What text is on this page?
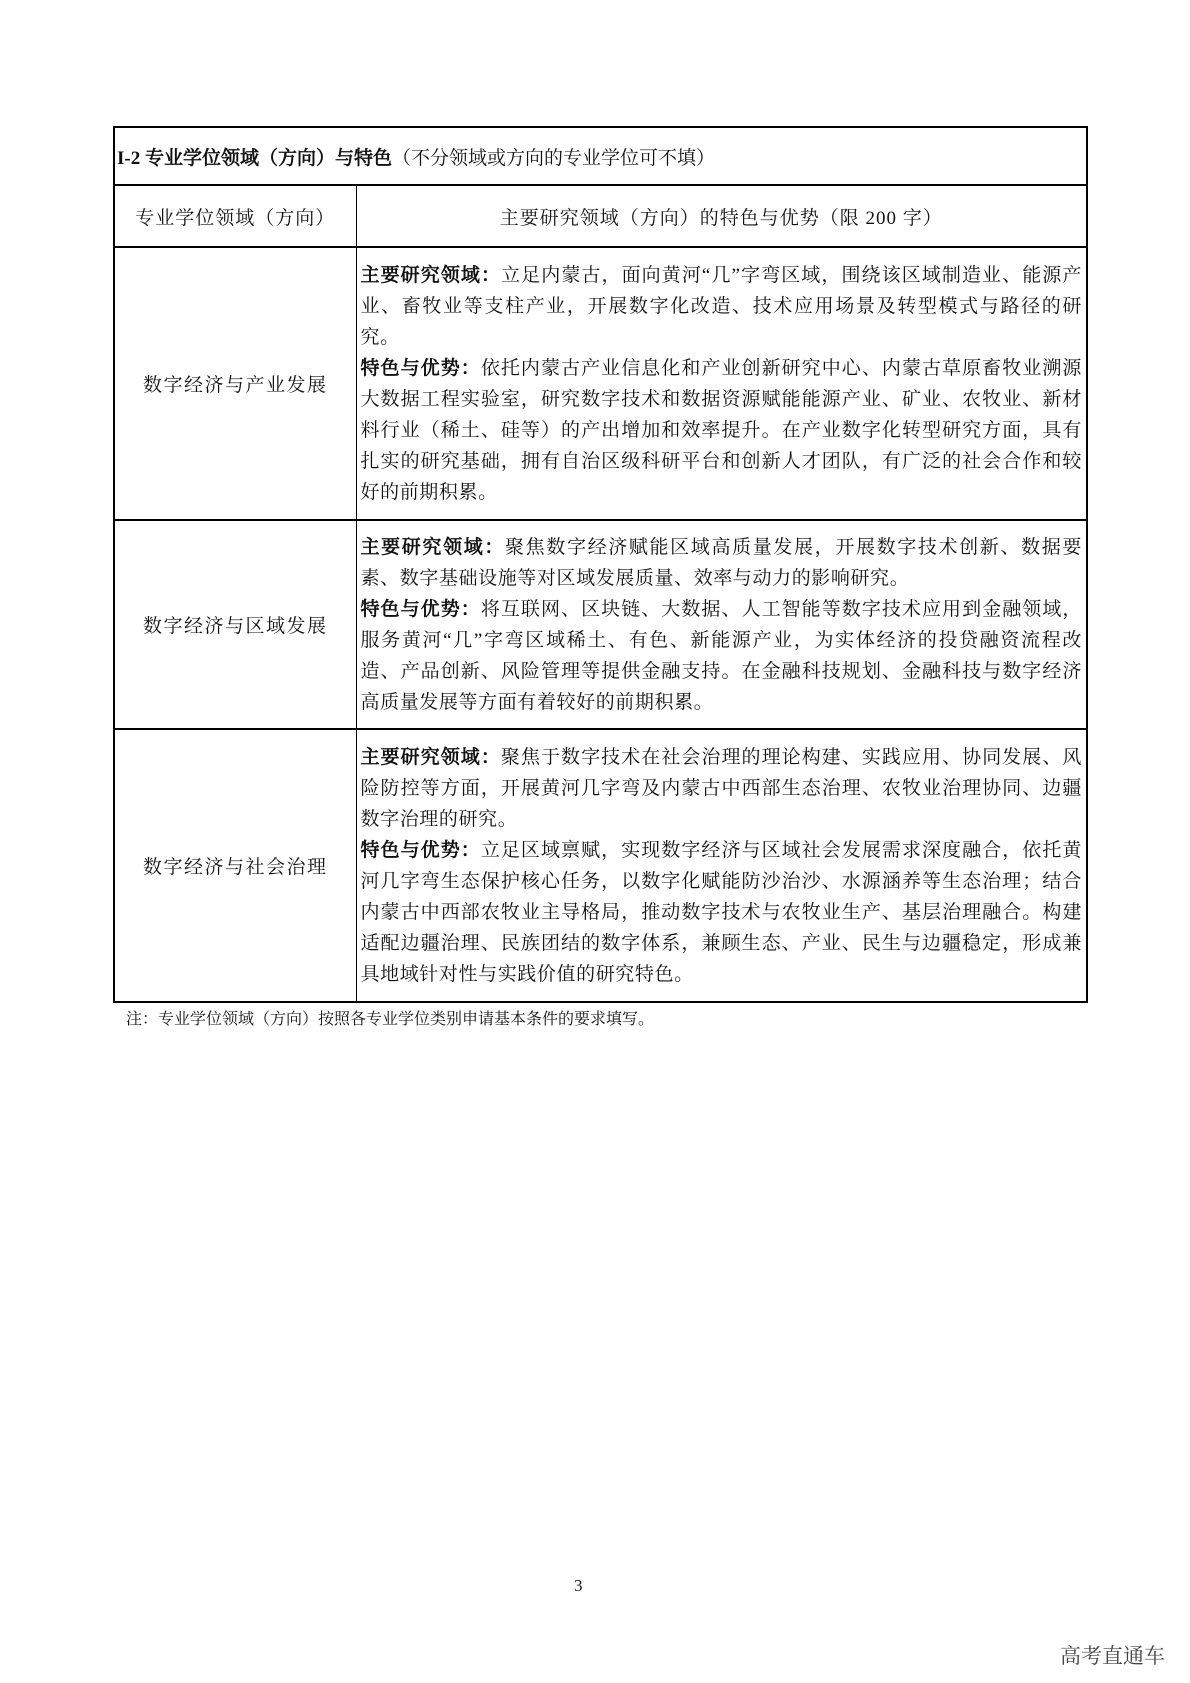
I-2 专业学位领域（方向）与特色（不分领域或方向的专业学位可不填）	
专业学位领域（方向）	主要研究领域（方向）的特色与优势（限 200 字）
数字经济与产业发展	主要研究领域：立足内蒙古，面向黄河“几”字弯区域，围绕该区域制造业、能源产业、畜牧业等支柱产业，开展数字化改造、技术应用场景及转型模式与路径的研究。
特色与优势：依托内蒙古产业信息化和产业创新研究中心、内蒙古草原畜牧业溯源大数据工程实验室，研究数字技术和数据资源赋能能源产业、矿业、农牧业、新材料行业（稀土、硅等）的产出增加和效率提升。在产业数字化转型研究方面，具有扎实的研究基础，拥有自治区级科研平台和创新人才团队，有广泛的社会合作和较好的前期积累。

数字经济与区域发展	主要研究领域：聚焦数字经济赋能区域高质量发展，开展数字技术创新、数据要素、数字基础设施等对区域发展质量、效率与动力的影响研究。
特色与优势：将互联网、区块链、大数据、人工智能等数字技术应用到金融领域，服务黄河“几”字弯区域稀土、有色、新能源产业，为实体经济的投贷融资流程改造、产品创新、风险管理等提供金融支持。在金融科技规划、金融科技与数字经济高质量发展等方面有着较好的前期积累。

数字经济与社会治理	主要研究领域：聚焦于数字技术在社会治理的理论构建、实践应用、协同发展、风险防控等方面，开展黄河几字弯及内蒙古中西部生态治理、农牧业治理协同、边疆数字治理的研究。
特色与优势：立足区域禀赋，实现数字经济与区域社会发展需求深度融合，依托黄河几字弯生态保护核心任务，以数字化赋能防沙治沙、水源涵养等生态治理；结合内蒙古中西部农牧业主导格局，推动数字技术与农牧业生产、基层治理融合。构建适配边疆治理、民族团结的数字体系，兼顾生态、产业、民生与边疆稳定，形成兼具地域针对性与实践价值的研究特色。
注：专业学位领域（方向）按照各专业学位类别申请基本条件的要求填写。
3
高考直通车
